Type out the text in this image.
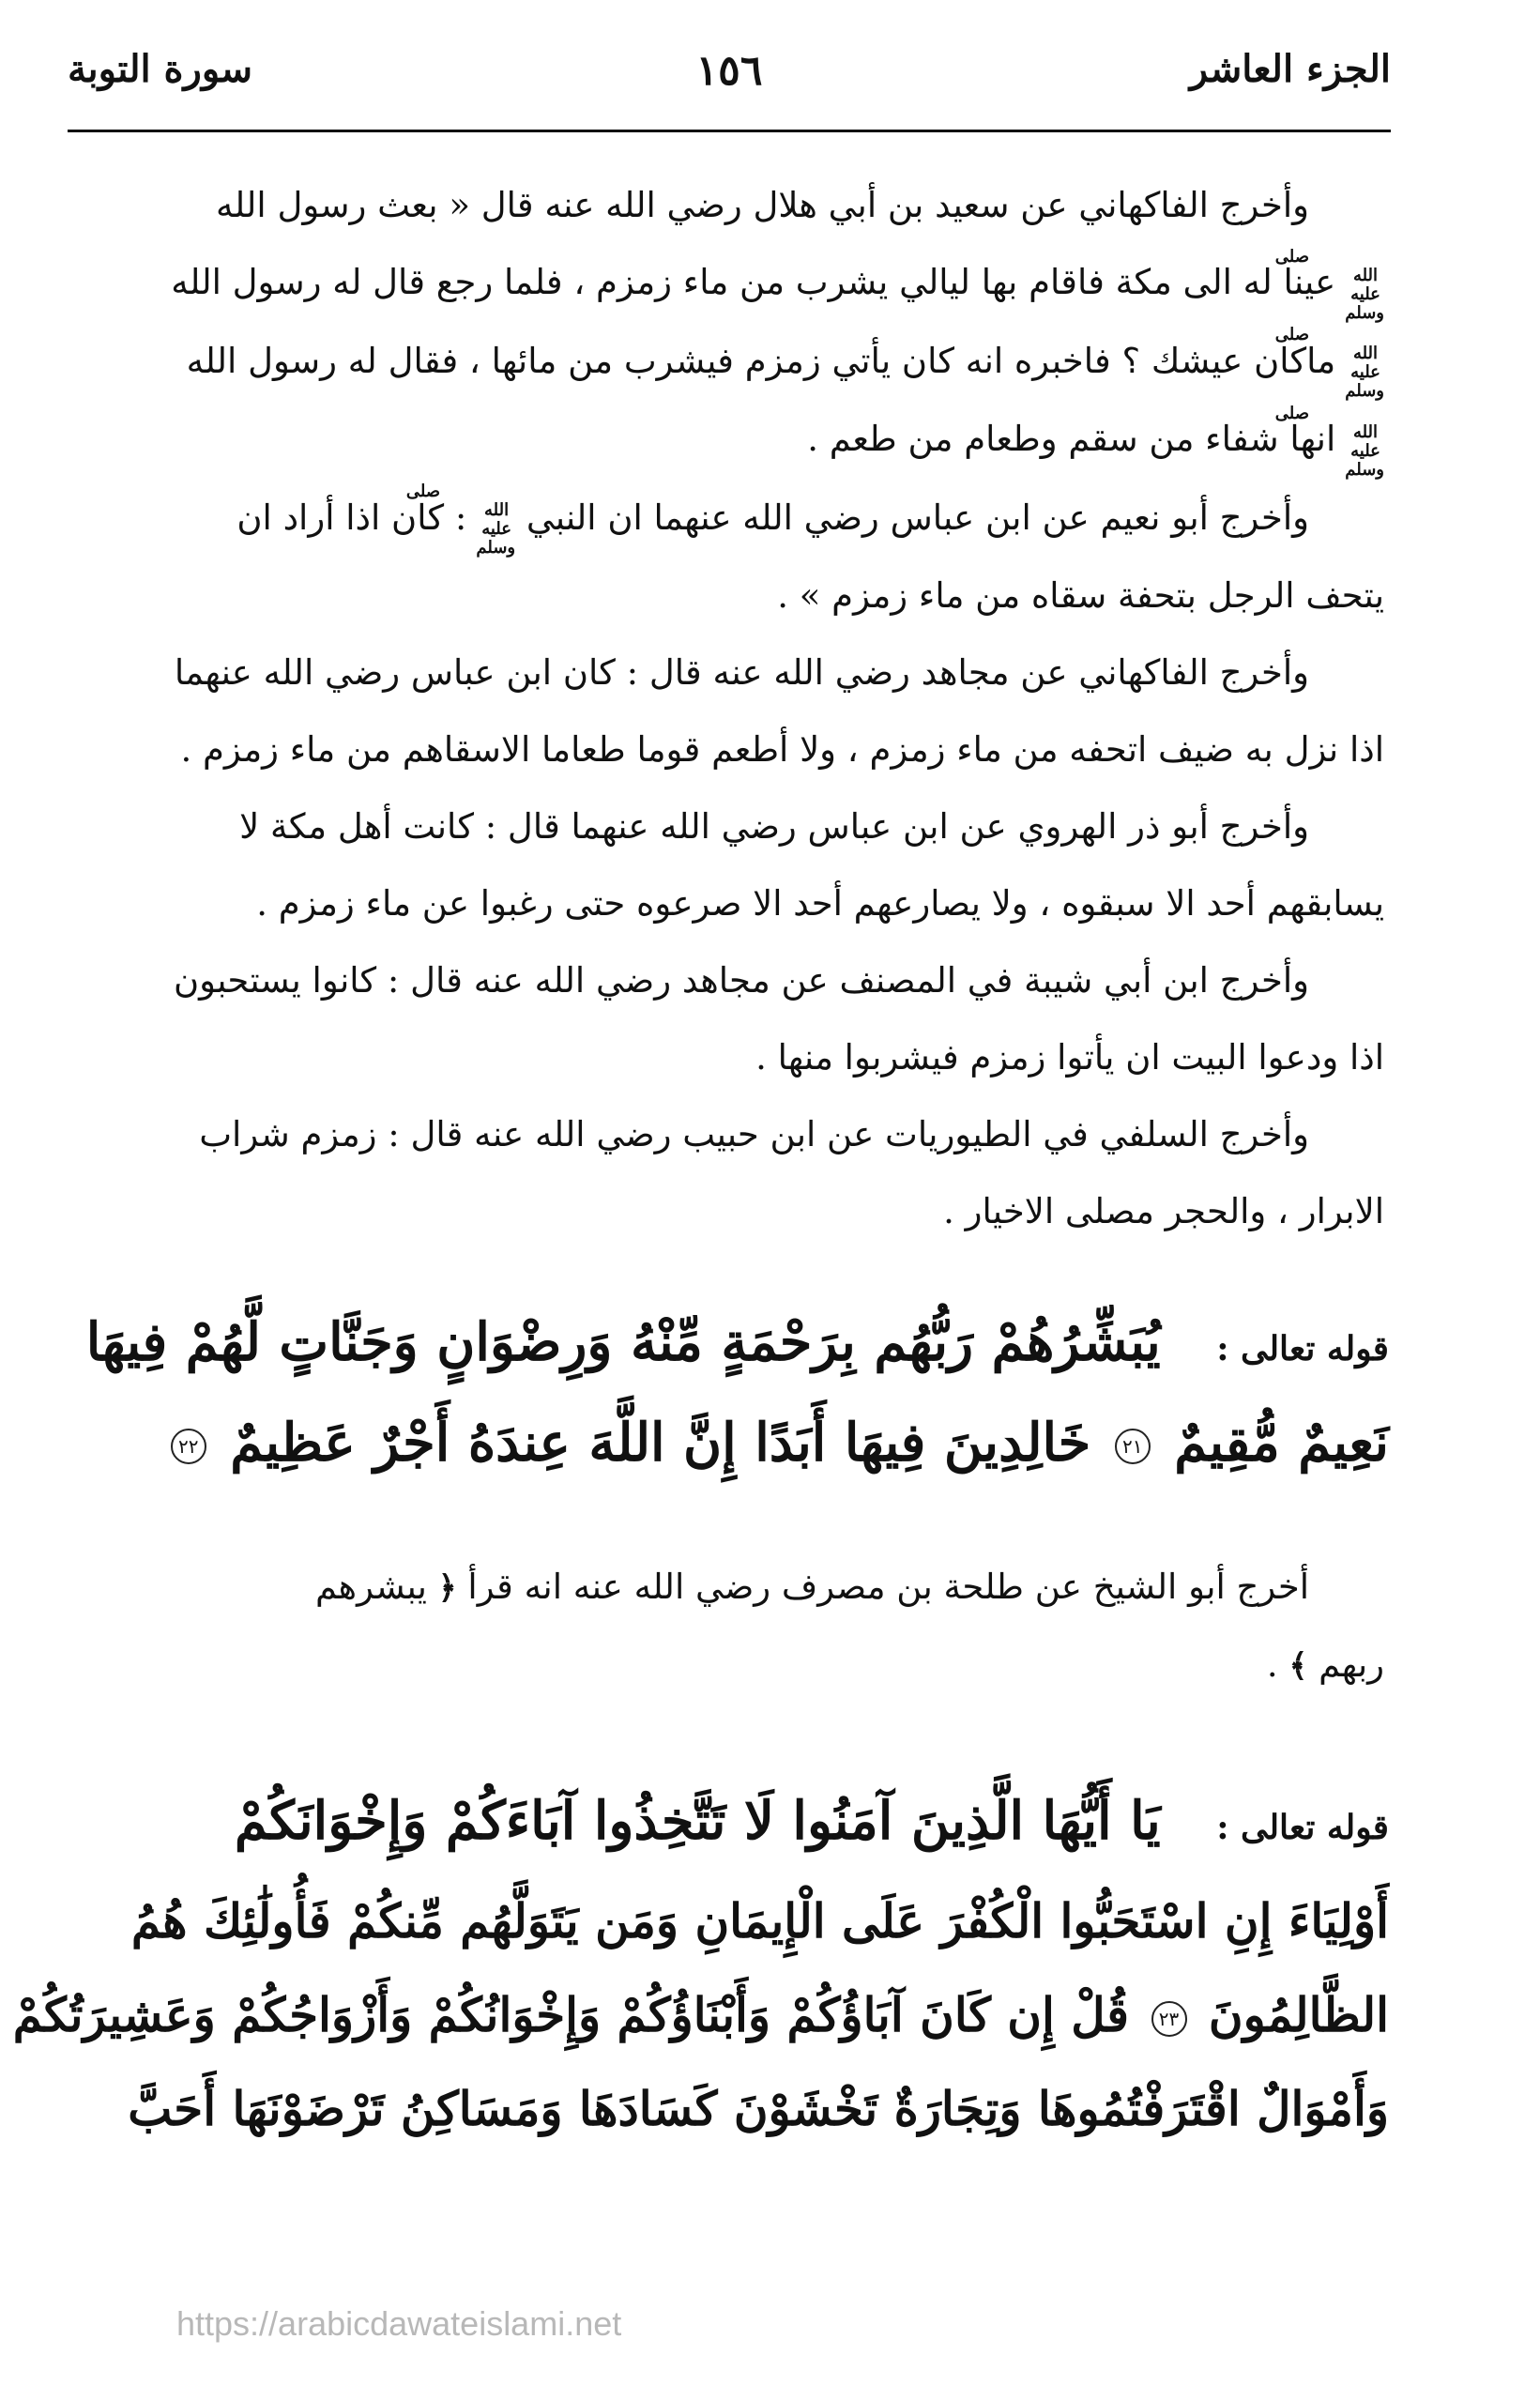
الجزء العاشر
١٥٦
سورة التوبة

وأخرج الفاكهاني عن سعيد بن أبي هلال رضي الله عنه قال « بعث رسول الله
صلى الله عليه وسلم عينا له الى مكة فاقام بها ليالي يشرب من ماء زمزم ، فلما رجع قال له رسول الله
صلى الله عليه وسلم ماكان عيشك ؟ فاخبره انه كان يأتي زمزم فيشرب من مائها ، فقال له رسول الله
صلى الله عليه وسلم انها شفاء من سقم وطعام من طعم .

وأخرج أبو نعيم عن ابن عباس رضي الله عنهما ان النبي صلى الله عليه وسلم : كان اذا أراد ان
يتحف الرجل بتحفة سقاه من ماء زمزم » .

وأخرج الفاكهاني عن مجاهد رضي الله عنه قال : كان ابن عباس رضي الله عنهما
اذا نزل به ضيف اتحفه من ماء زمزم ، ولا أطعم قوما طعاما الاسقاهم من ماء زمزم .

وأخرج أبو ذر الهروي عن ابن عباس رضي الله عنهما قال : كانت أهل مكة لا
يسابقهم أحد الا سبقوه ، ولا يصارعهم أحد الا صرعوه حتى رغبوا عن ماء زمزم .

وأخرج ابن أبي شيبة في المصنف عن مجاهد رضي الله عنه قال : كانوا يستحبون
اذا ودعوا البيت ان يأتوا زمزم فيشربوا منها .

وأخرج السلفي في الطيوريات عن ابن حبيب رضي الله عنه قال : زمزم شراب
الابرار ، والحجر مصلى الاخيار .

قوله تعالى : يُبَشِّرُهُمْ رَبُّهُم بِرَحْمَةٍ مِّنْهُ وَرِضْوَانٍ وَجَنَّاتٍ لَّهُمْ فِيهَا
نَعِيمٌ مُّقِيمٌ ٢١ خَالِدِينَ فِيهَا أَبَدًا إِنَّ اللَّهَ عِندَهُ أَجْرٌ عَظِيمٌ ٢٢

أخرج أبو الشيخ عن طلحة بن مصرف رضي الله عنه انه قرأ ﴿ يبشرهم
ربهم ﴾ .

قوله تعالى : يَا أَيُّهَا الَّذِينَ آمَنُوا لَا تَتَّخِذُوا آبَاءَكُمْ وَإِخْوَانَكُمْ
أَوْلِيَاءَ إِنِ اسْتَحَبُّوا الْكُفْرَ عَلَى الْإِيمَانِ وَمَن يَتَوَلَّهُم مِّنكُمْ فَأُولَٰئِكَ هُمُ
الظَّالِمُونَ ٢٣ قُلْ إِن كَانَ آبَاؤُكُمْ وَأَبْنَاؤُكُمْ وَإِخْوَانُكُمْ وَأَزْوَاجُكُمْ وَعَشِيرَتُكُمْ
وَأَمْوَالٌ اقْتَرَفْتُمُوهَا وَتِجَارَةٌ تَخْشَوْنَ كَسَادَهَا وَمَسَاكِنُ تَرْضَوْنَهَا أَحَبَّ
https://arabicdawateislami.net
